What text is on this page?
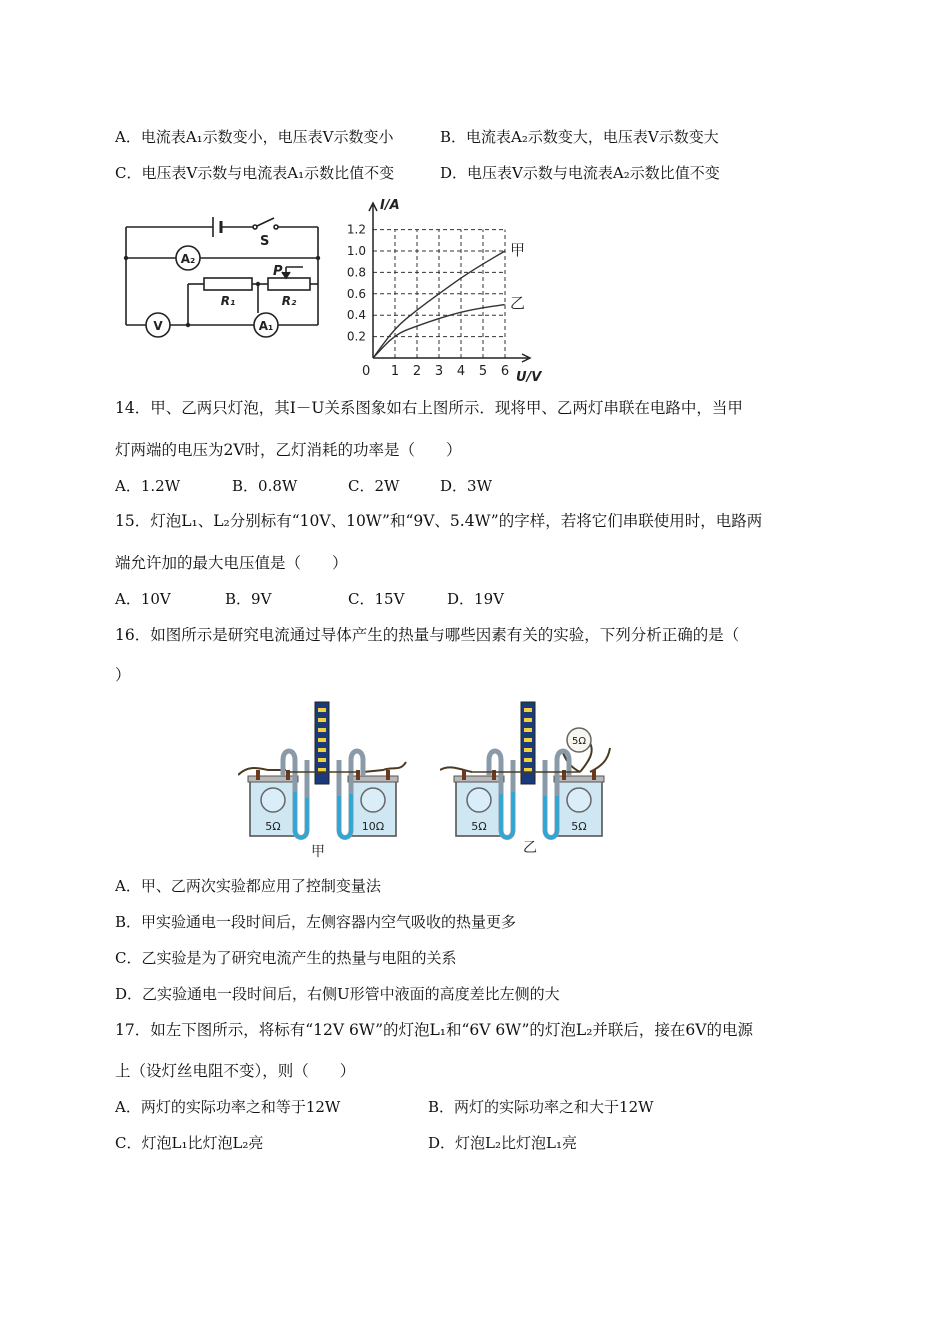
A．电流表A₁示数变小，电压表V示数变小	B．电流表A₂示数变大，电压表V示数变大
C．电压表V示数与电流表A₁示数比值不变	D．电压表V示数与电流表A₂示数比值不变
S
A₂
V	A₁
P
R₁	R₂
1 2 3 4 5 6
0.2
0.4
0.6
0.8
1.0
1.2
I/A
U/V
0
甲
乙
14．甲、乙两只灯泡，其I－U关系图象如右上图所示．现将甲、乙两灯串联在电路中，当甲
灯两端的电压为2V时，乙灯消耗的功率是（　　）
A．1.2W	B．0.8W	C．2W	D．3W
15．灯泡L₁、L₂分别标有“10V、10W”和“9V、5.4W”的字样，若将它们串联使用时，电路两
端允许加的最大电压值是（　　）
A．10V	B．9V	C．15V	D．19V
16．如图所示是研究电流通过导体产生的热量与哪些因素有关的实验，下列分析正确的是（
）
5Ω	10Ω
甲
5Ω
5Ω	5Ω
乙
A．甲、乙两次实验都应用了控制变量法
B．甲实验通电一段时间后，左侧容器内空气吸收的热量更多
C．乙实验是为了研究电流产生的热量与电阻的关系
D．乙实验通电一段时间后，右侧U形管中液面的高度差比左侧的大
17．如左下图所示，将标有“12V 6W”的灯泡L₁和“6V 6W”的灯泡L₂并联后，接在6V的电源
上（设灯丝电阻不变），则（　　）
A．两灯的实际功率之和等于12W	B．两灯的实际功率之和大于12W
C．灯泡L₁比灯泡L₂亮	D．灯泡L₂比灯泡L₁亮
